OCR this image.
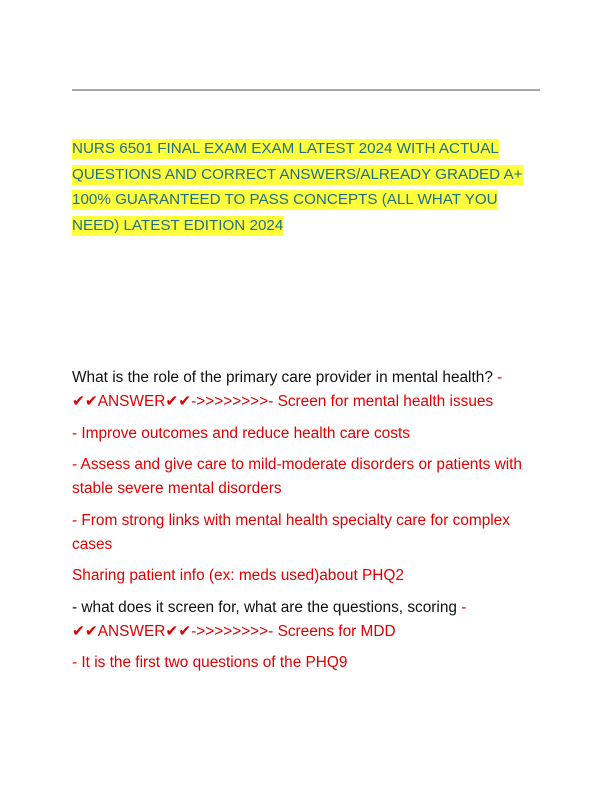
NURS 6501 FINAL EXAM EXAM LATEST 2024 WITH ACTUAL QUESTIONS AND CORRECT ANSWERS/ALREADY GRADED A+ 100% GUARANTEED TO PASS CONCEPTS (ALL WHAT YOU NEED) LATEST EDITION 2024

What is the role of the primary care provider in mental health? - ✔✔ANSWER✔✔->>>>>>>>- Screen for mental health issues

- Improve outcomes and reduce health care costs

- Assess and give care to mild-moderate disorders or patients with stable severe mental disorders

- From strong links with mental health specialty care for complex cases

Sharing patient info (ex: meds used)about PHQ2

- what does it screen for, what are the questions, scoring - ✔✔ANSWER✔✔->>>>>>>>- Screens for MDD

- It is the first two questions of the PHQ9
